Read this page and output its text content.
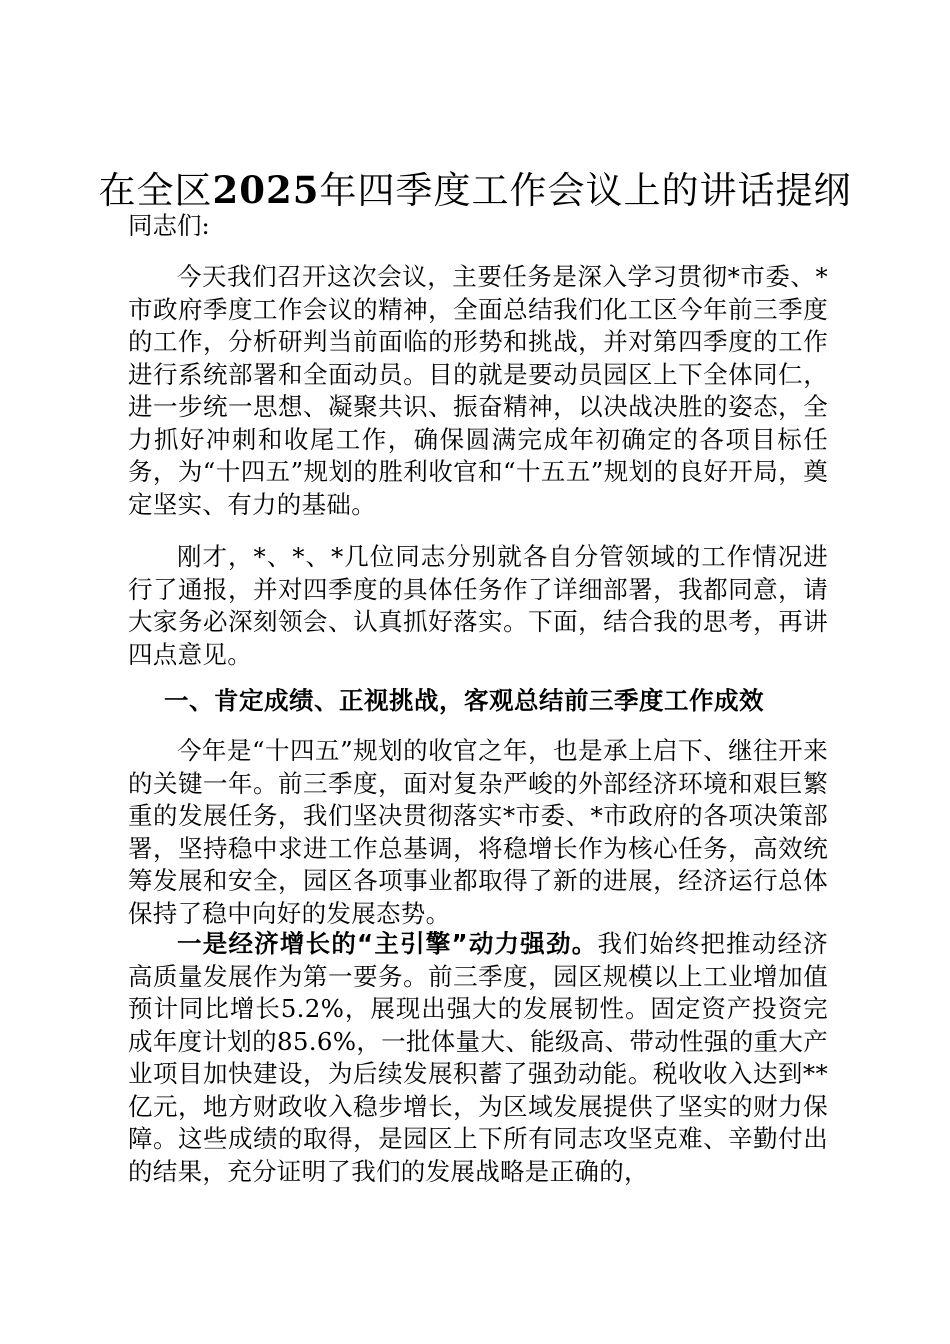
在全区2025年四季度工作会议上的讲话提纲
同志们:
今天我们召开这次会议，主要任务是深入学习贯彻*市委、*市政府季度工作会议的精神，全面总结我们化工区今年前三季度的工作，分析研判当前面临的形势和挑战，并对第四季度的工作进行系统部署和全面动员。目的就是要动员园区上下全体同仁，进一步统一思想、凝聚共识、振奋精神，以决战决胜的姿态，全力抓好冲刺和收尾工作，确保圆满完成年初确定的各项目标任务，为“十四五”规划的胜利收官和“十五五”规划的良好开局，奠定坚实、有力的基础。
刚才，*、*、*几位同志分别就各自分管领域的工作情况进行了通报，并对四季度的具体任务作了详细部署，我都同意，请大家务必深刻领会、认真抓好落实。下面，结合我的思考，再讲四点意见。
一、肯定成绩、正视挑战，客观总结前三季度工作成效
今年是“十四五”规划的收官之年，也是承上启下、继往开来的关键一年。前三季度，面对复杂严峻的外部经济环境和艰巨繁重的发展任务，我们坚决贯彻落实*市委、*市政府的各项决策部署，坚持稳中求进工作总基调，将稳增长作为核心任务，高效统筹发展和安全，园区各项事业都取得了新的进展，经济运行总体保持了稳中向好的发展态势。
一是经济增长的“主引擎”动力强劲。我们始终把推动经济高质量发展作为第一要务。前三季度，园区规模以上工业增加值预计同比增长5.2%，展现出强大的发展韧性。固定资产投资完成年度计划的85.6%，一批体量大、能级高、带动性强的重大产业项目加快建设，为后续发展积蓄了强劲动能。税收收入达到**亿元，地方财政收入稳步增长，为区域发展提供了坚实的财力保障。这些成绩的取得，是园区上下所有同志攻坚克难、辛勤付出的结果，充分证明了我们的发展战略是正确的，
